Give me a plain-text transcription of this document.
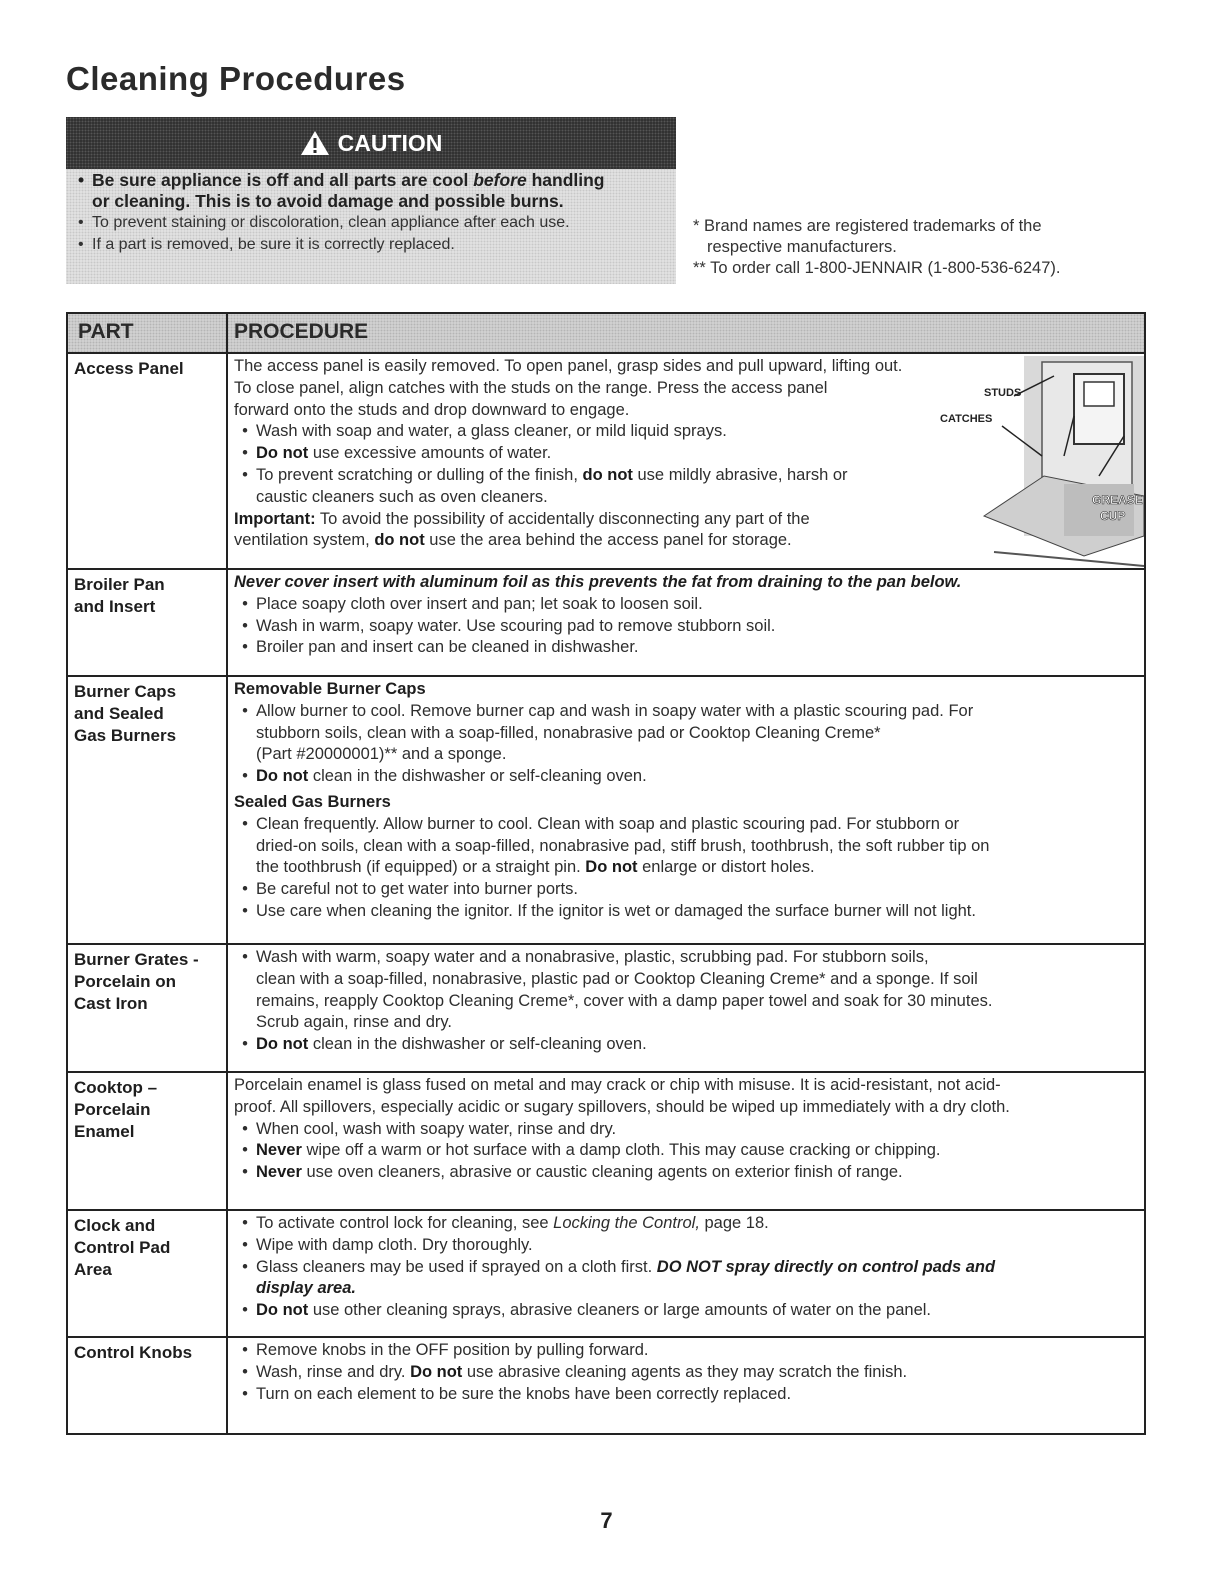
Cleaning Procedures
CAUTION
• Be sure appliance is off and all parts are cool before handling
or cleaning. This is to avoid damage and possible burns.
• To prevent staining or discoloration, clean appliance after each use.
• If a part is removed, be sure it is correctly replaced.
* Brand names are registered trademarks of the
respective manufacturers.
** To order call 1-800-JENNAIR (1-800-536-6247).
PART	PROCEDURE
Access Panel	The access panel is easily removed. To open panel, grasp sides and pull upward, lifting out.

To close panel, align catches with the studs on the range. Press the access panel

forward onto the studs and drop downward to engage.

• Wash with soap and water, a glass cleaner, or mild liquid sprays.

• Do not use excessive amounts of water.

• To prevent scratching or dulling of the finish, do not use mildly abrasive, harsh or
caustic cleaners such as oven cleaners.

Important: To avoid the possibility of accidentally disconnecting any part of the

ventilation system, do not use the area behind the access panel for storage.

STUDS
CATCHES
GREASE
CUP
Broiler Pan
and Insert

Never cover insert with aluminum foil as this prevents the fat from draining to the pan below.

• Place soapy cloth over insert and pan; let soak to loosen soil.

• Wash in warm, soapy water. Use scouring pad to remove stubborn soil.

• Broiler pan and insert can be cleaned in dishwasher.

Burner Caps
and Sealed
Gas Burners

Removable Burner Caps

• Allow burner to cool. Remove burner cap and wash in soapy water with a plastic scouring pad. For
stubborn soils, clean with a soap-filled, nonabrasive pad or Cooktop Cleaning Creme*
(Part #20000001)** and a sponge.

• Do not clean in the dishwasher or self-cleaning oven.

Sealed Gas Burners

• Clean frequently. Allow burner to cool. Clean with soap and plastic scouring pad. For stubborn or
dried-on soils, clean with a soap-filled, nonabrasive pad, stiff brush, toothbrush, the soft rubber tip on
the toothbrush (if equipped) or a straight pin. Do not enlarge or distort holes.

• Be careful not to get water into burner ports.

• Use care when cleaning the ignitor. If the ignitor is wet or damaged the surface burner will not light.

Burner Grates -
Porcelain on
Cast Iron

• Wash with warm, soapy water and a nonabrasive, plastic, scrubbing pad. For stubborn soils,
clean with a soap-filled, nonabrasive, plastic pad or Cooktop Cleaning Creme* and a sponge. If soil
remains, reapply Cooktop Cleaning Creme*, cover with a damp paper towel and soak for 30 minutes.
Scrub again, rinse and dry.

• Do not clean in the dishwasher or self-cleaning oven.

Cooktop –
Porcelain
Enamel

Porcelain enamel is glass fused on metal and may crack or chip with misuse. It is acid-resistant, not acid-

proof. All spillovers, especially acidic or sugary spillovers, should be wiped up immediately with a dry cloth.

• When cool, wash with soapy water, rinse and dry.

• Never wipe off a warm or hot surface with a damp cloth. This may cause cracking or chipping.

• Never use oven cleaners, abrasive or caustic cleaning agents on exterior finish of range.

Clock and
Control Pad
Area

• To activate control lock for cleaning, see Locking the Control, page 18.

• Wipe with damp cloth. Dry thoroughly.

• Glass cleaners may be used if sprayed on a cloth first. DO NOT spray directly on control pads and
display area.

• Do not use other cleaning sprays, abrasive cleaners or large amounts of water on the panel.

Control Knobs

•	Remove knobs in the OFF position by pulling forward.

• Wash, rinse and dry. Do not use abrasive cleaning agents as they may scratch the finish.

• Turn on each element to be sure the knobs have been correctly replaced.

7
